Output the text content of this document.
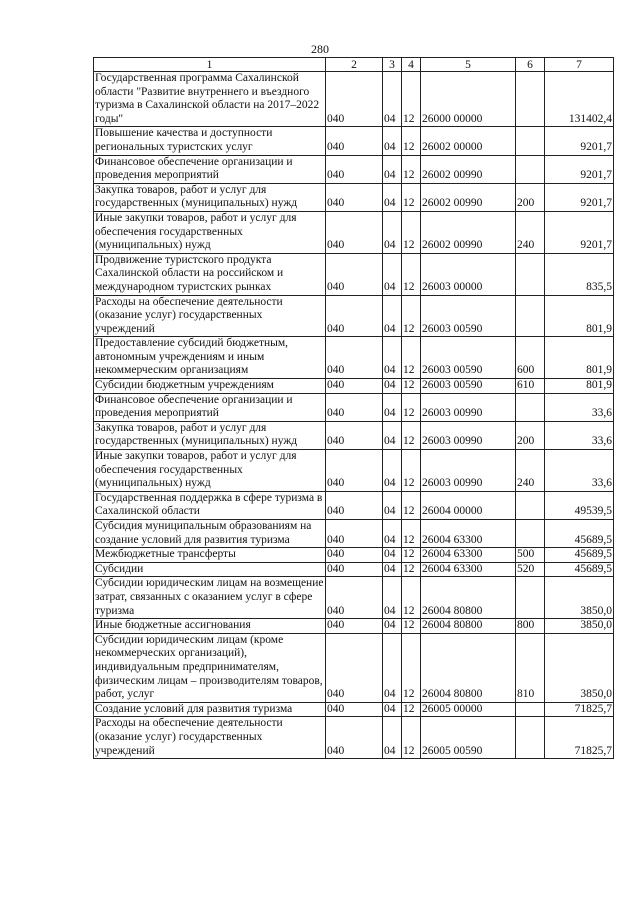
280
1	2	3	4	5	6	7
Государственная программа Сахалинской области "Развитие внутреннего и въездного туризма в Сахалинской области на 2017–2022 годы"	040	04	12	26000 00000		131402,4
Повышение качества и доступности региональных туристских услуг	040	04	12	26002 00000		9201,7
Финансовое обеспечение организации и проведения мероприятий	040	04	12	26002 00990		9201,7
Закупка товаров, работ и услуг для государственных (муниципальных) нужд	040	04	12	26002 00990	200	9201,7
Иные закупки товаров, работ и услуг для обеспечения государственных (муниципальных) нужд	040	04	12	26002 00990	240	9201,7
Продвижение туристского продукта Сахалинской области на российском и международном туристских рынках	040	04	12	26003 00000		835,5
Расходы на обеспечение деятельности (оказание услуг) государственных учреждений	040	04	12	26003 00590		801,9
Предоставление субсидий бюджетным, автономным учреждениям и иным некоммерческим организациям	040	04	12	26003 00590	600	801,9
Субсидии бюджетным учреждениям	040	04	12	26003 00590	610	801,9
Финансовое обеспечение организации и проведения мероприятий	040	04	12	26003 00990		33,6
Закупка товаров, работ и услуг для государственных (муниципальных) нужд	040	04	12	26003 00990	200	33,6
Иные закупки товаров, работ и услуг для обеспечения государственных (муниципальных) нужд	040	04	12	26003 00990	240	33,6
Государственная поддержка в сфере туризма в Сахалинской области	040	04	12	26004 00000		49539,5
Субсидия муниципальным образованиям на создание условий для развития туризма	040	04	12	26004 63300		45689,5
Межбюджетные трансферты	040	04	12	26004 63300	500	45689,5
Субсидии	040	04	12	26004 63300	520	45689,5
Субсидии юридическим лицам на возмещение затрат, связанных с оказанием услуг в сфере туризма	040	04	12	26004 80800		3850,0
Иные бюджетные ассигнования	040	04	12	26004 80800	800	3850,0
Субсидии юридическим лицам (кроме некоммерческих организаций), индивидуальным предпринимателям, физическим лицам – производителям товаров, работ, услуг	040	04	12	26004 80800	810	3850,0
Создание условий для развития туризма	040	04	12	26005 00000		71825,7
Расходы на обеспечение деятельности (оказание услуг) государственных учреждений	040	04	12	26005 00590		71825,7
